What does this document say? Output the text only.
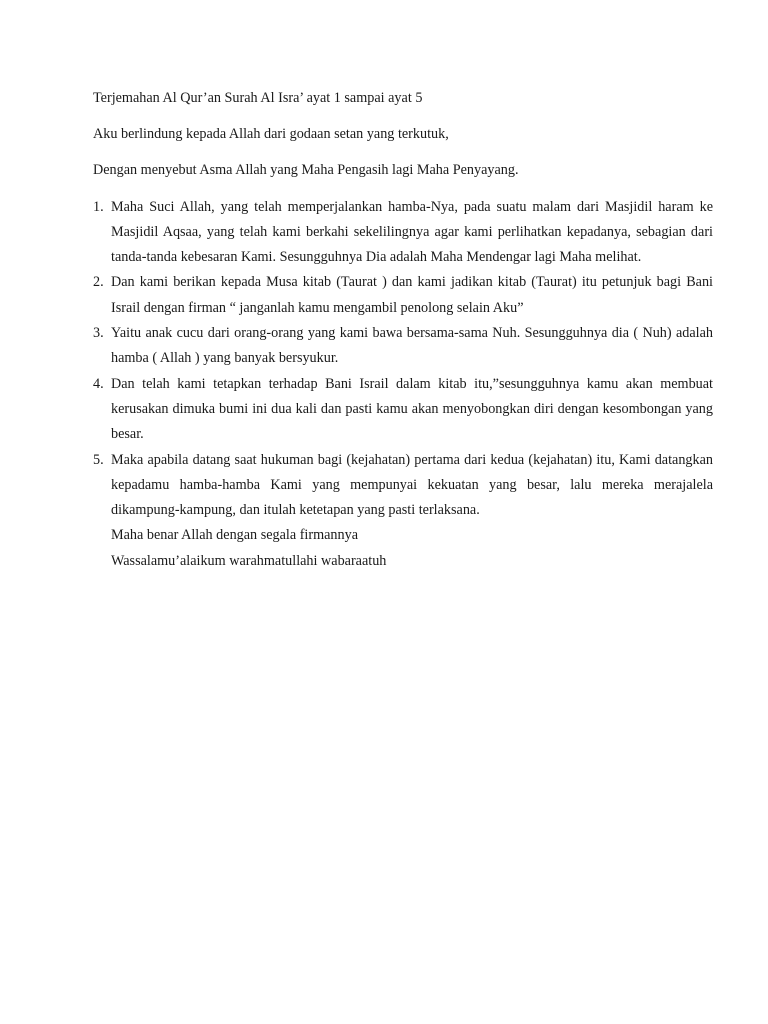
Terjemahan Al Qur’an Surah Al Isra’ ayat 1 sampai ayat 5

Aku berlindung kepada Allah dari godaan setan yang terkutuk,

Dengan menyebut Asma Allah yang Maha Pengasih lagi Maha Penyayang.

1. Maha Suci Allah, yang telah memperjalankan hamba-Nya, pada suatu malam dari Masjidil haram ke Masjidil Aqsaa, yang telah kami berkahi sekelilingnya agar kami perlihatkan kepadanya, sebagian dari tanda-tanda kebesaran Kami. Sesungguhnya Dia adalah Maha Mendengar lagi Maha melihat.
2. Dan kami berikan kepada Musa kitab (Taurat ) dan kami jadikan kitab (Taurat) itu petunjuk bagi Bani Israil dengan firman “ janganlah kamu mengambil penolong selain Aku”
3. Yaitu anak cucu dari orang-orang yang kami bawa bersama-sama Nuh. Sesungguhnya dia ( Nuh) adalah hamba ( Allah ) yang banyak bersyukur.
4. Dan telah kami tetapkan terhadap Bani Israil dalam kitab itu,”sesungguhnya kamu akan membuat kerusakan dimuka bumi ini dua kali dan pasti kamu akan menyobongkan diri dengan kesombongan yang besar.
5. Maka apabila datang saat hukuman bagi (kejahatan) pertama dari kedua (kejahatan) itu, Kami datangkan kepadamu hamba-hamba Kami yang mempunyai kekuatan yang besar, lalu mereka merajalela dikampung-kampung, dan itulah ketetapan yang pasti terlaksana.

Maha benar Allah dengan segala firmannya

Wassalamu’alaikum warahmatullahi wabaraatuh
